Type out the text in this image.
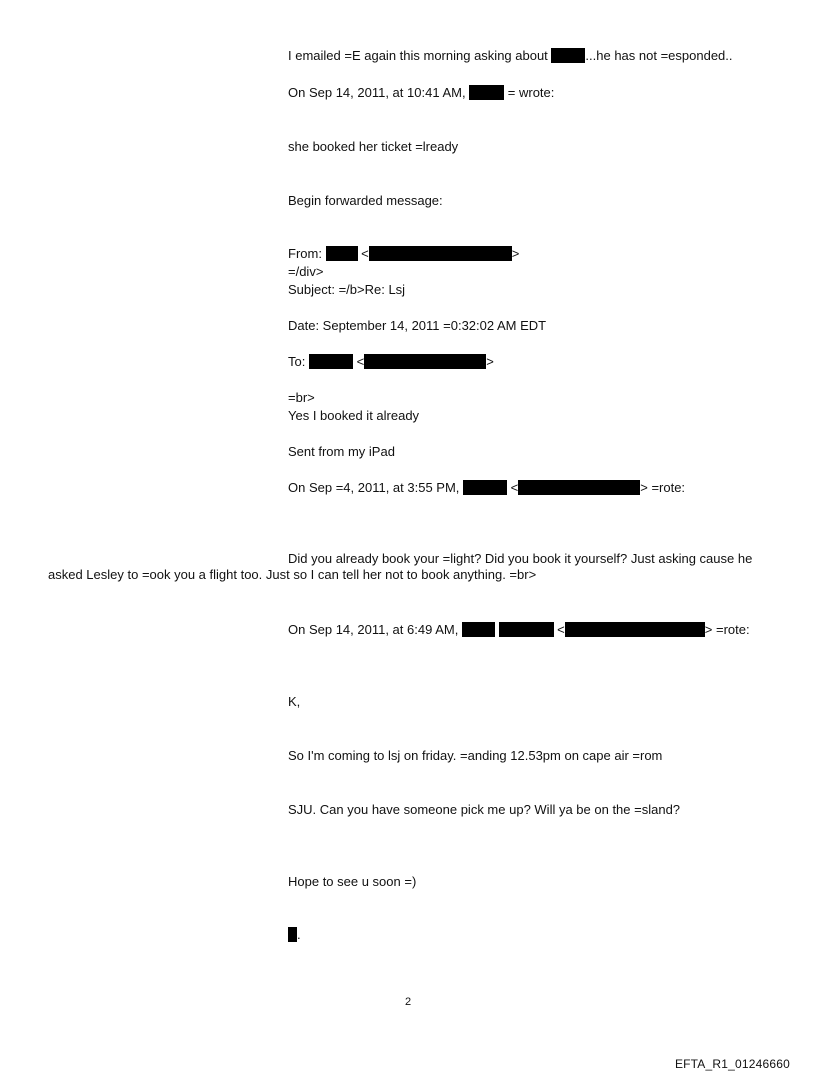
I emailed =E again this morning asking about	...he has not =esponded..
On Sep 14, 2011, at 10:41 AM,	= wrote:
she booked her ticket =lready
Begin forwarded message:
From:  <	>
=/div>
Subject: =/b>Re: Lsj
Date: September 14, 2011 =0:32:02 AM EDT
To:	<	>
=br>
Yes I booked it already
Sent from my iPad
On Sep =4, 2011, at 3:55 PM,	<	> =rote:
Did you already book your =light? Did you book it yourself? Just asking cause he asked Lesley to =ook you a flight too. Just so I can tell her not to book anything. =br>
On Sep 14, 2011, at 6:49 AM,	<	> =rote:
K,
So I'm coming to lsj on friday. =anding 12.53pm on cape air =rom
SJU. Can you have someone pick me up? Will ya be on the =sland?
Hope to see u soon =)
.
2
EFTA_R1_01246660
